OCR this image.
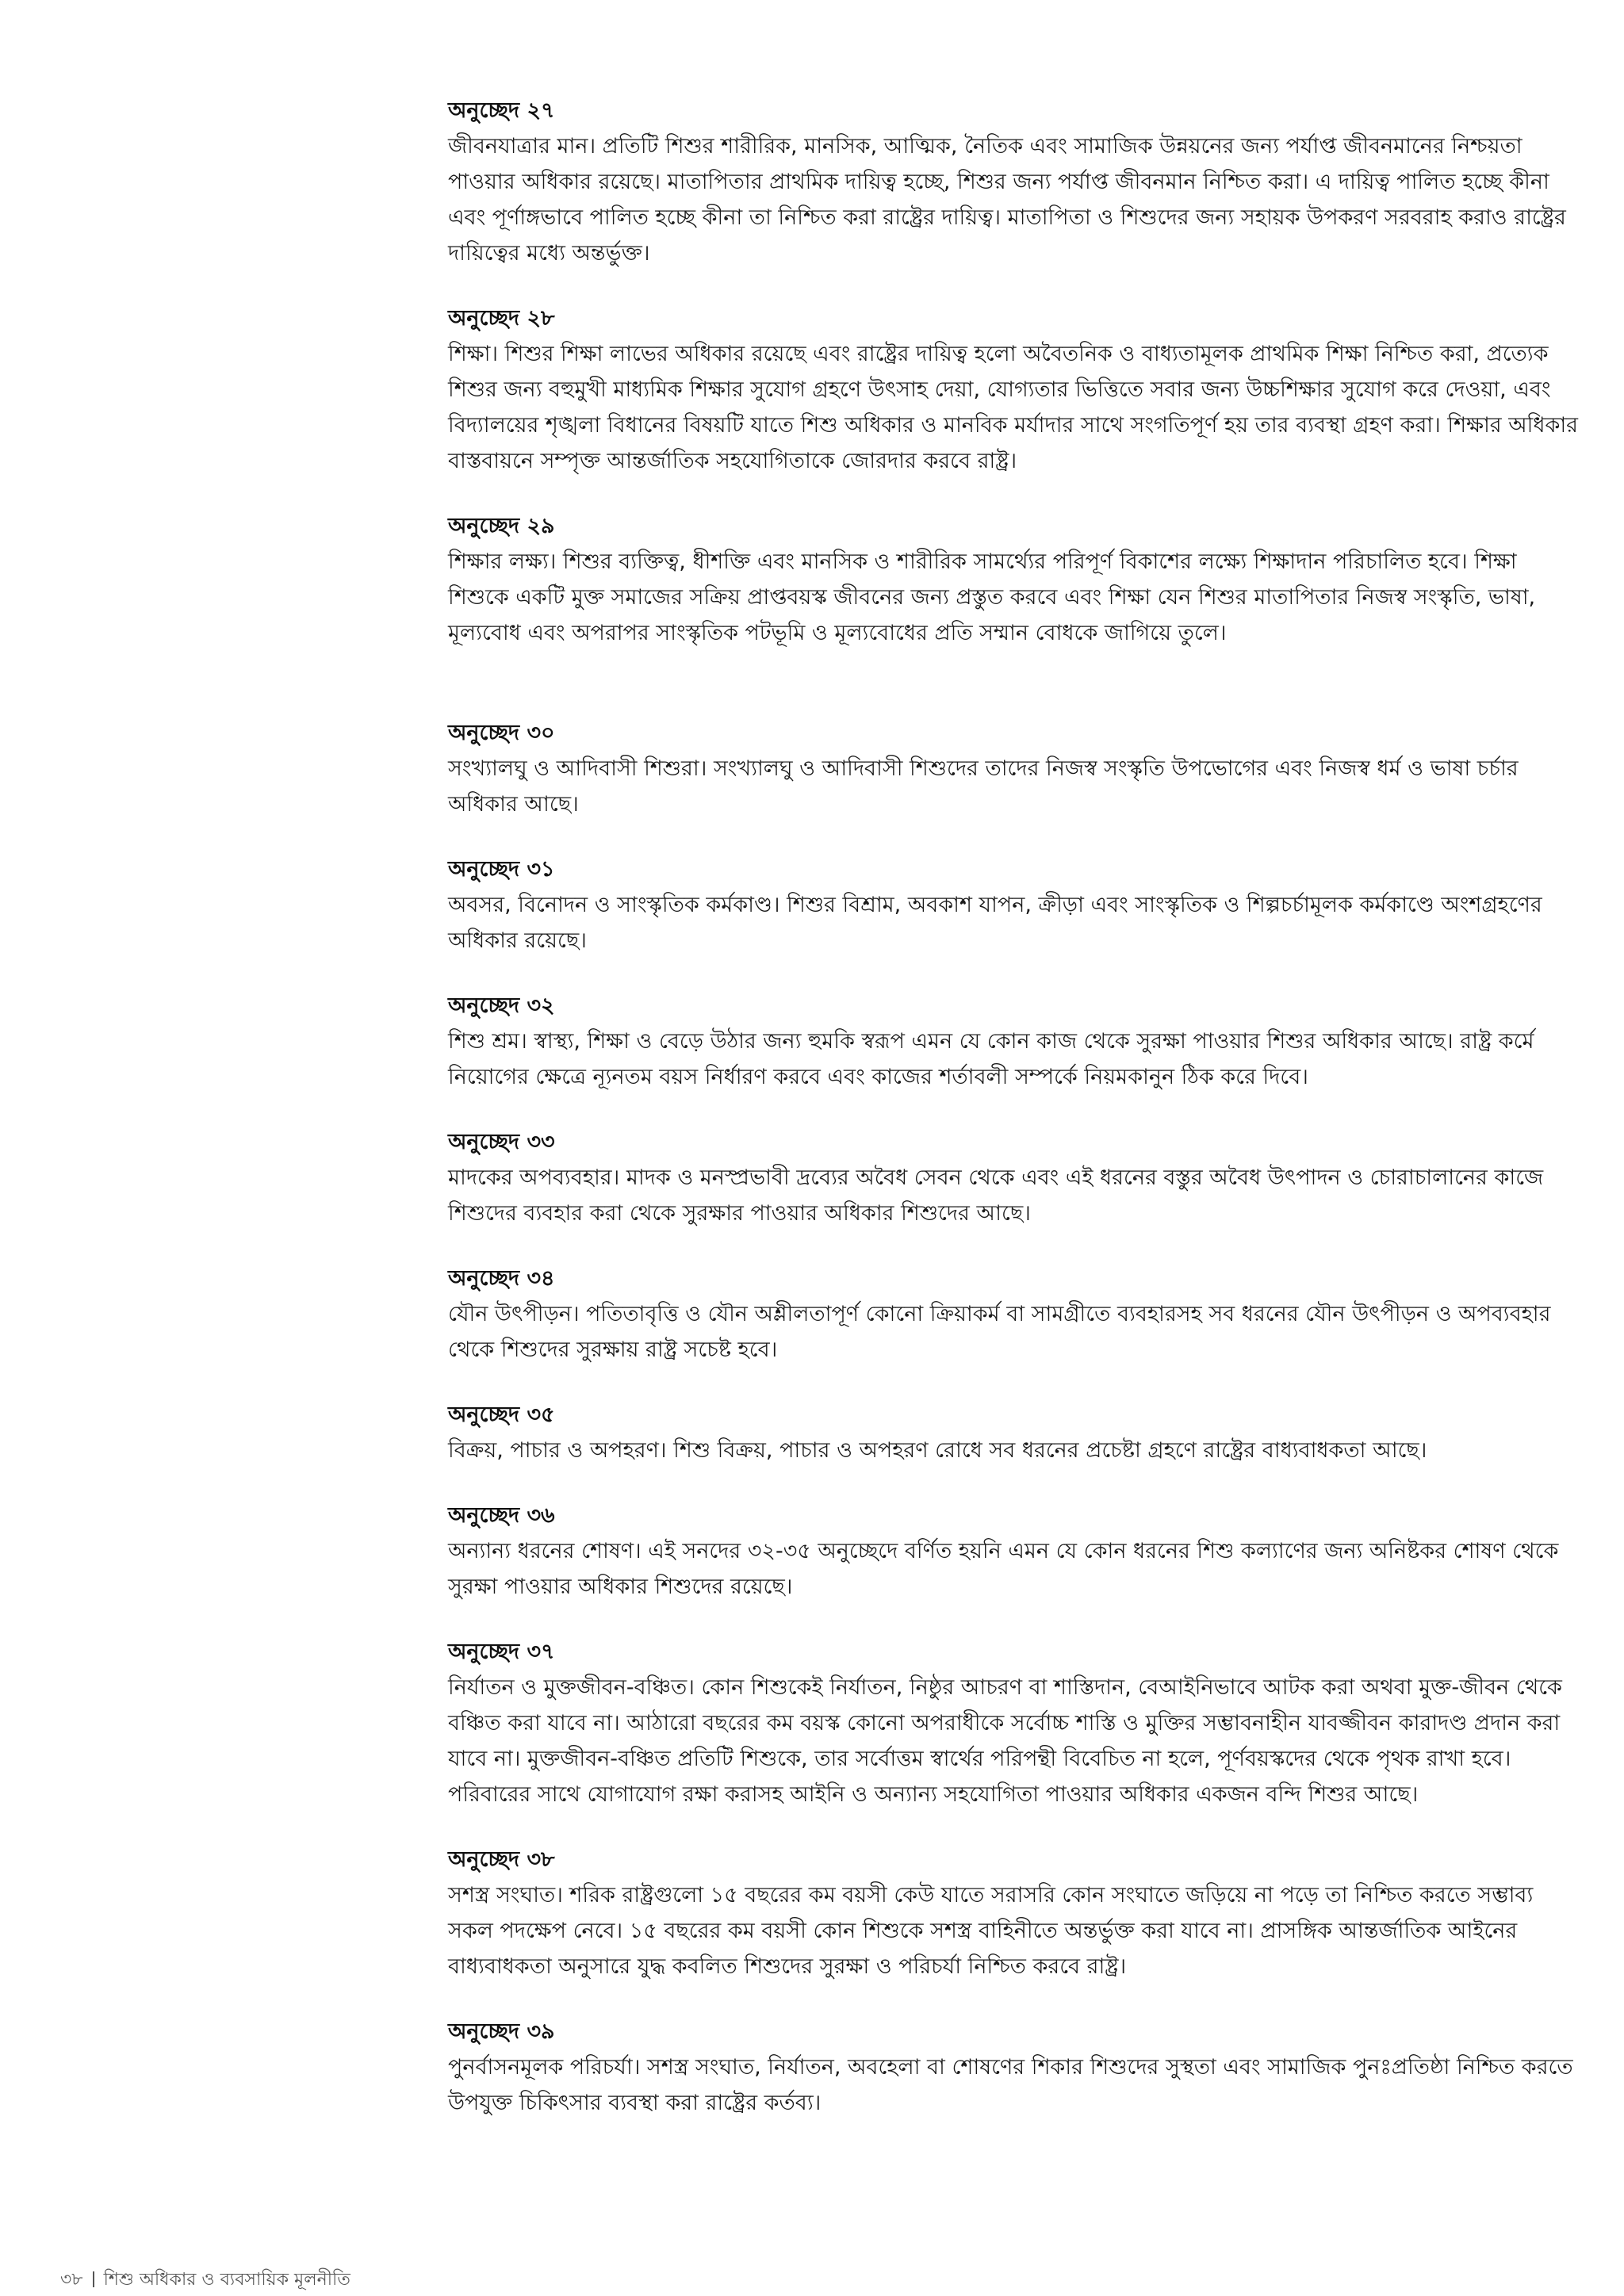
অনুচ্ছেদ ২৭

জীবনযাত্রার মান। প্রতিটি শিশুর শারীরিক, মানসিক, আত্মিক, নৈতিক এবং সামাজিক উন্নয়নের জন্য পর্যাপ্ত জীবনমানের নিশ্চয়তা পাওয়ার অধিকার রয়েছে। মাতাপিতার প্রাথমিক দায়িত্ব হচ্ছে, শিশুর জন্য পর্যাপ্ত জীবনমান নিশ্চিত করা। এ দায়িত্ব পালিত হচ্ছে কীনা এবং পূর্ণাঙ্গভাবে পালিত হচ্ছে কীনা তা নিশ্চিত করা রাষ্ট্রের দায়িত্ব। মাতাপিতা ও শিশুদের জন্য সহায়ক উপকরণ সরবরাহ করাও রাষ্ট্রের দায়িত্বের মধ্যে অন্তর্ভুক্ত।

অনুচ্ছেদ ২৮

শিক্ষা। শিশুর শিক্ষা লাভের অধিকার রয়েছে এবং রাষ্ট্রের দায়িত্ব হলো অবৈতনিক ও বাধ্যতামূলক প্রাথমিক শিক্ষা নিশ্চিত করা, প্রত্যেক শিশুর জন্য বহুমুখী মাধ্যমিক শিক্ষার সুযোগ গ্রহণে উৎসাহ দেয়া, যোগ্যতার ভিত্তিতে সবার জন্য উচ্চশিক্ষার সুযোগ করে দেওয়া, এবং বিদ্যালয়ের শৃঙ্খলা বিধানের বিষয়টি যাতে শিশু অধিকার ও মানবিক মর্যাদার সাথে সংগতিপূর্ণ হয় তার ব্যবস্থা গ্রহণ করা। শিক্ষার অধিকার বাস্তবায়নে সম্পৃক্ত আন্তর্জাতিক সহযোগিতাকে জোরদার করবে রাষ্ট্র।

অনুচ্ছেদ ২৯

শিক্ষার লক্ষ্য। শিশুর ব্যক্তিত্ব, ধীশক্তি এবং মানসিক ও শারীরিক সামর্থ্যের পরিপূর্ণ বিকাশের লক্ষ্যে শিক্ষাদান পরিচালিত হবে। শিক্ষা শিশুকে একটি মুক্ত সমাজের সক্রিয় প্রাপ্তবয়স্ক জীবনের জন্য প্রস্তুত করবে এবং শিক্ষা যেন শিশুর মাতাপিতার নিজস্ব সংস্কৃতি, ভাষা, মূল্যবোধ এবং অপরাপর সাংস্কৃতিক পটভূমি ও মূল্যবোধের প্রতি সম্মান বোধকে জাগিয়ে তুলে।

অনুচ্ছেদ ৩০

সংখ্যালঘু ও আদিবাসী শিশুরা। সংখ্যালঘু ও আদিবাসী শিশুদের তাদের নিজস্ব সংস্কৃতি উপভোগের এবং নিজস্ব ধর্ম ও ভাষা চর্চার অধিকার আছে।

অনুচ্ছেদ ৩১

অবসর, বিনোদন ও সাংস্কৃতিক কর্মকাণ্ড। শিশুর বিশ্রাম, অবকাশ যাপন, ক্রীড়া এবং সাংস্কৃতিক ও শিল্পচর্চামূলক কর্মকাণ্ডে অংশগ্রহণের অধিকার রয়েছে।

অনুচ্ছেদ ৩২

শিশু শ্রম। স্বাস্থ্য, শিক্ষা ও বেড়ে উঠার জন্য হুমকি স্বরূপ এমন যে কোন কাজ থেকে সুরক্ষা পাওয়ার শিশুর অধিকার আছে। রাষ্ট্র কর্মে নিয়োগের ক্ষেত্রে ন্যূনতম বয়স নির্ধারণ করবে এবং কাজের শর্তাবলী সম্পর্কে নিয়মকানুন ঠিক করে দিবে।

অনুচ্ছেদ ৩৩

মাদকের অপব্যবহার। মাদক ও মনস্প্রভাবী দ্রব্যের অবৈধ সেবন থেকে এবং এই ধরনের বস্তুর অবৈধ উৎপাদন ও চোরাচালানের কাজে শিশুদের ব্যবহার করা থেকে সুরক্ষার পাওয়ার অধিকার শিশুদের আছে।

অনুচ্ছেদ ৩৪

যৌন উৎপীড়ন। পতিতাবৃত্তি ও যৌন অশ্লীলতাপূর্ণ কোনো ক্রিয়াকর্ম বা সামগ্রীতে ব্যবহারসহ সব ধরনের যৌন উৎপীড়ন ও অপব্যবহার থেকে শিশুদের সুরক্ষায় রাষ্ট্র সচেষ্ট হবে।

অনুচ্ছেদ ৩৫

বিক্রয়, পাচার ও অপহরণ। শিশু বিক্রয়, পাচার ও অপহরণ রোধে সব ধরনের প্রচেষ্টা গ্রহণে রাষ্ট্রের বাধ্যবাধকতা আছে।

অনুচ্ছেদ ৩৬

অন্যান্য ধরনের শোষণ। এই সনদের ৩২-৩৫ অনুচ্ছেদে বর্ণিত হয়নি এমন যে কোন ধরনের শিশু কল্যাণের জন্য অনিষ্টকর শোষণ থেকে সুরক্ষা পাওয়ার অধিকার শিশুদের রয়েছে।

অনুচ্ছেদ ৩৭

নির্যাতন ও মুক্তজীবন-বঞ্চিত। কোন শিশুকেই নির্যাতন, নিষ্ঠুর আচরণ বা শাস্তিদান, বেআইনিভাবে আটক করা অথবা মুক্ত-জীবন থেকে বঞ্চিত করা যাবে না। আঠারো বছরের কম বয়স্ক কোনো অপরাধীকে সর্বোচ্চ শাস্তি ও মুক্তির সম্ভাবনাহীন যাবজ্জীবন কারাদণ্ড প্রদান করা যাবে না। মুক্তজীবন-বঞ্চিত প্রতিটি শিশুকে, তার সর্বোত্তম স্বার্থের পরিপন্থী বিবেচিত না হলে, পূর্ণবয়স্কদের থেকে পৃথক রাখা হবে। পরিবারের সাথে যোগাযোগ রক্ষা করাসহ আইনি ও অন্যান্য সহযোগিতা পাওয়ার অধিকার একজন বন্দি শিশুর আছে।

অনুচ্ছেদ ৩৮

সশস্ত্র সংঘাত। শরিক রাষ্ট্রগুলো ১৫ বছরের কম বয়সী কেউ যাতে সরাসরি কোন সংঘাতে জড়িয়ে না পড়ে তা নিশ্চিত করতে সম্ভাব্য সকল পদক্ষেপ নেবে। ১৫ বছরের কম বয়সী কোন শিশুকে সশস্ত্র বাহিনীতে অন্তর্ভুক্ত করা যাবে না। প্রাসঙ্গিক আন্তর্জাতিক আইনের বাধ্যবাধকতা অনুসারে যুদ্ধ কবলিত শিশুদের সুরক্ষা ও পরিচর্যা নিশ্চিত করবে রাষ্ট্র।

অনুচ্ছেদ ৩৯

পুনর্বাসনমূলক পরিচর্যা। সশস্ত্র সংঘাত, নির্যাতন, অবহেলা বা শোষণের শিকার শিশুদের সুস্থতা এবং সামাজিক পুনঃপ্রতিষ্ঠা নিশ্চিত করতে উপযুক্ত চিকিৎসার ব্যবস্থা করা রাষ্ট্রের কর্তব্য।

৩৮ শিশু অধিকার ও ব্যবসায়িক মূলনীতি
